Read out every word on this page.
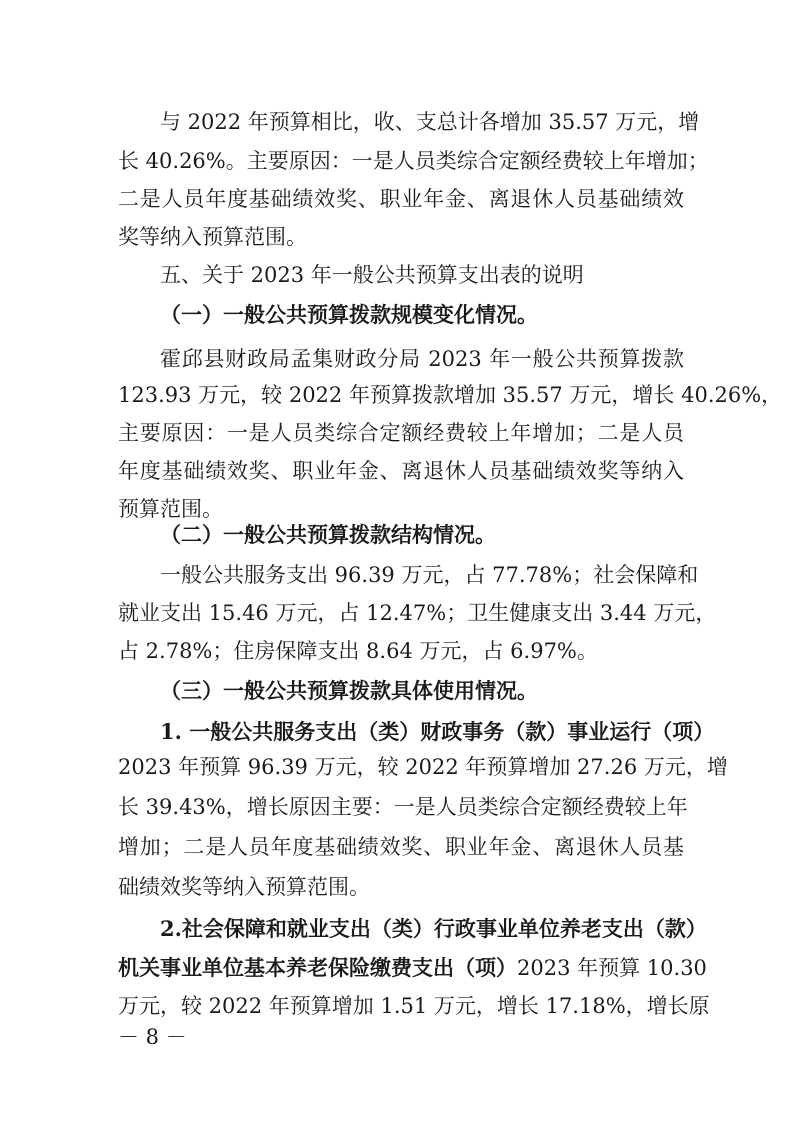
与 2022 年预算相比，收、支总计各增加 35.57 万元，增
长 40.26%。主要原因：一是人员类综合定额经费较上年增加；
二是人员年度基础绩效奖、职业年金、离退休人员基础绩效
奖等纳入预算范围。
五、关于 2023 年一般公共预算支出表的说明
（一）一般公共预算拨款规模变化情况。
霍邱县财政局孟集财政分局 2023 年一般公共预算拨款
123.93 万元，较 2022 年预算拨款增加 35.57 万元，增长 40.26%，
主要原因：一是人员类综合定额经费较上年增加；二是人员
年度基础绩效奖、职业年金、离退休人员基础绩效奖等纳入
预算范围。
（二）一般公共预算拨款结构情况。
一般公共服务支出 96.39 万元，占 77.78%；社会保障和
就业支出 15.46 万元，占 12.47%；卫生健康支出 3.44 万元，
占 2.78%；住房保障支出 8.64 万元，占 6.97%。
（三）一般公共预算拨款具体使用情况。
1. 一般公共服务支出（类）财政事务（款）事业运行（项）
2023 年预算 96.39 万元，较 2022 年预算增加 27.26 万元，增
长 39.43%，增长原因主要：一是人员类综合定额经费较上年
增加；二是人员年度基础绩效奖、职业年金、离退休人员基
础绩效奖等纳入预算范围。
2.社会保障和就业支出（类）行政事业单位养老支出（款）
－ 8 －
机关事业单位基本养老保险缴费支出（项）2023 年预算 10.30
万元，较 2022 年预算增加 1.51 万元，增长 17.18%，增长原
